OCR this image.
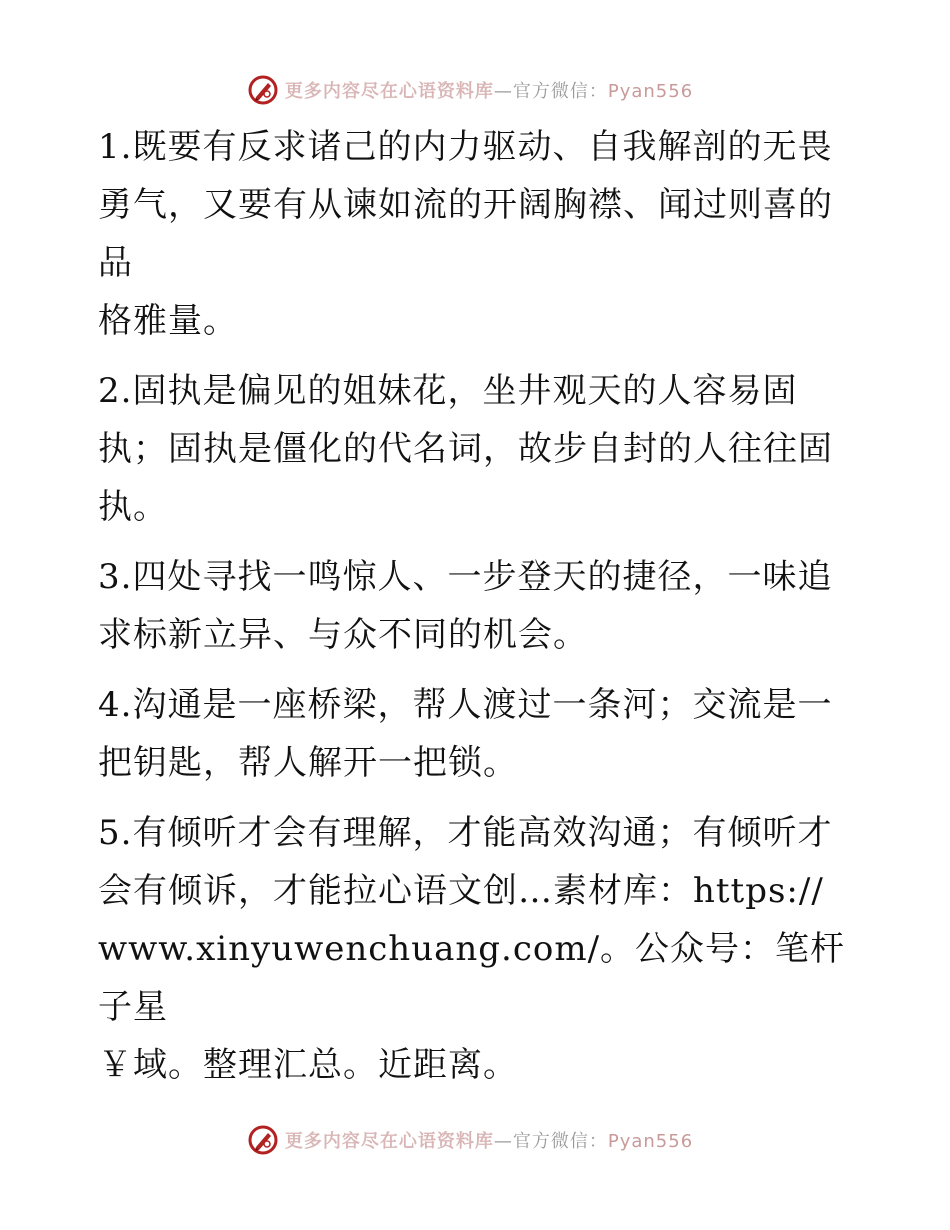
更多内容尽在心语资料库—官方微信：Pyan556

1.既要有反求诸己的内力驱动、自我解剖的无畏
勇气，又要有从谏如流的开阔胸襟、闻过则喜的品
格雅量。

2.固执是偏见的姐妹花，坐井观天的人容易固
执；固执是僵化的代名词，故步自封的人往往固
执。

3.四处寻找一鸣惊人、一步登天的捷径，一味追
求标新立异、与众不同的机会。

4.沟通是一座桥梁，帮人渡过一条河；交流是一
把钥匙，帮人解开一把锁。

5.有倾听才会有理解，才能高效沟通；有倾听才
会有倾诉，才能拉心语文创…素材库：https://
www.xinyuwenchuang.com/。公众号：笔杆子星
￥域。整理汇总。近距离。

更多内容尽在心语资料库—官方微信：Pyan556
